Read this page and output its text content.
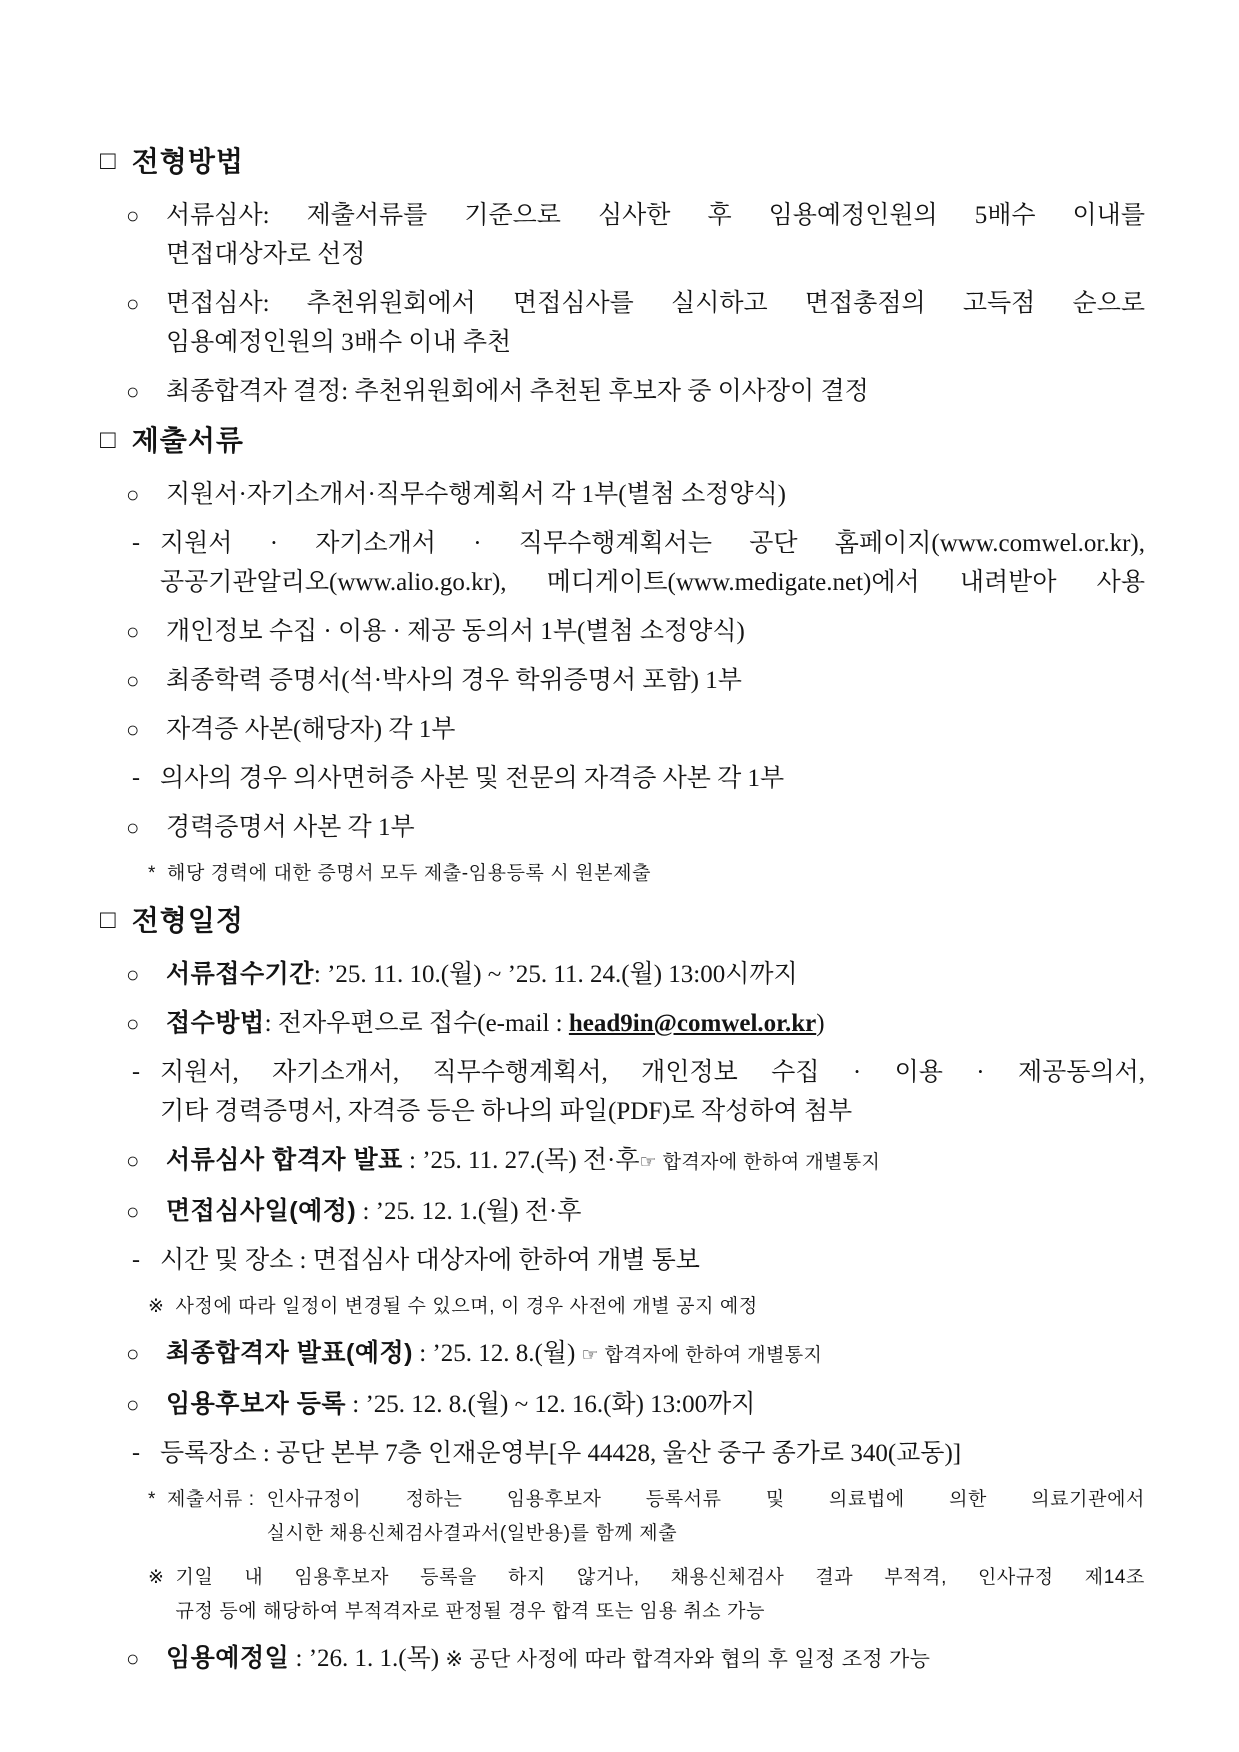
□ 전형방법
○	서류심사: 제출서류를 기준으로 심사한 후 임용예정인원의 5배수 이내를
면접대상자로 선정
○	면접심사: 추천위원회에서 면접심사를 실시하고 면접총점의 고득점 순으로
임용예정인원의 3배수 이내 추천
○	최종합격자 결정: 추천위원회에서 추천된 후보자 중 이사장이 결정
□ 제출서류
○	지원서·자기소개서·직무수행계획서 각 1부(별첨 소정양식)
- 지원서 · 자기소개서 · 직무수행계획서는 공단 홈페이지(www.comwel.or.kr),
공공기관알리오(www.alio.go.kr), 메디게이트(www.medigate.net)에서 내려받아 사용
○	개인정보 수집 · 이용 · 제공 동의서 1부(별첨 소정양식)
○	최종학력 증명서(석·박사의 경우 학위증명서 포함) 1부
○	자격증 사본(해당자) 각 1부
- 의사의 경우 의사면허증 사본 및 전문의 자격증 사본 각 1부
○	경력증명서 사본 각 1부
* 해당 경력에 대한 증명서 모두 제출-임용등록 시 원본제출
□ 전형일정
○	서류접수기간: ’25. 11. 10.(월) ~ ’25. 11. 24.(월) 13:00시까지
○	접수방법: 전자우편으로 접수(e-mail : head9in@comwel.or.kr)
- 지원서, 자기소개서, 직무수행계획서, 개인정보 수집 · 이용 · 제공동의서,
기타 경력증명서, 자격증 등은 하나의 파일(PDF)로 작성하여 첨부
○	서류심사 합격자 발표 : ’25. 11. 27.(목) 전·후☞ 합격자에 한하여 개별통지
○	면접심사일(예정) : ’25. 12. 1.(월) 전·후
- 시간 및 장소 : 면접심사 대상자에 한하여 개별 통보
※ 사정에 따라 일정이 변경될 수 있으며, 이 경우 사전에 개별 공지 예정
○	최종합격자 발표(예정) : ’25. 12. 8.(월) ☞ 합격자에 한하여 개별통지
○	임용후보자 등록 : ’25. 12. 8.(월) ~ 12. 16.(화) 13:00까지
- 등록장소 : 공단 본부 7층 인재운영부[우 44428, 울산 중구 종가로 340(교동)]
* 제출서류 : 인사규정이 정하는 임용후보자 등록서류 및 의료법에 의한 의료기관에서
실시한 채용신체검사결과서(일반용)를 함께 제출
※ 기일 내 임용후보자 등록을 하지 않거나, 채용신체검사 결과 부적격, 인사규정 제14조
규정 등에 해당하여 부적격자로 판정될 경우 합격 또는 임용 취소 가능
○	임용예정일 : ’26. 1. 1.(목) ※ 공단 사정에 따라 합격자와 협의 후 일정 조정 가능
